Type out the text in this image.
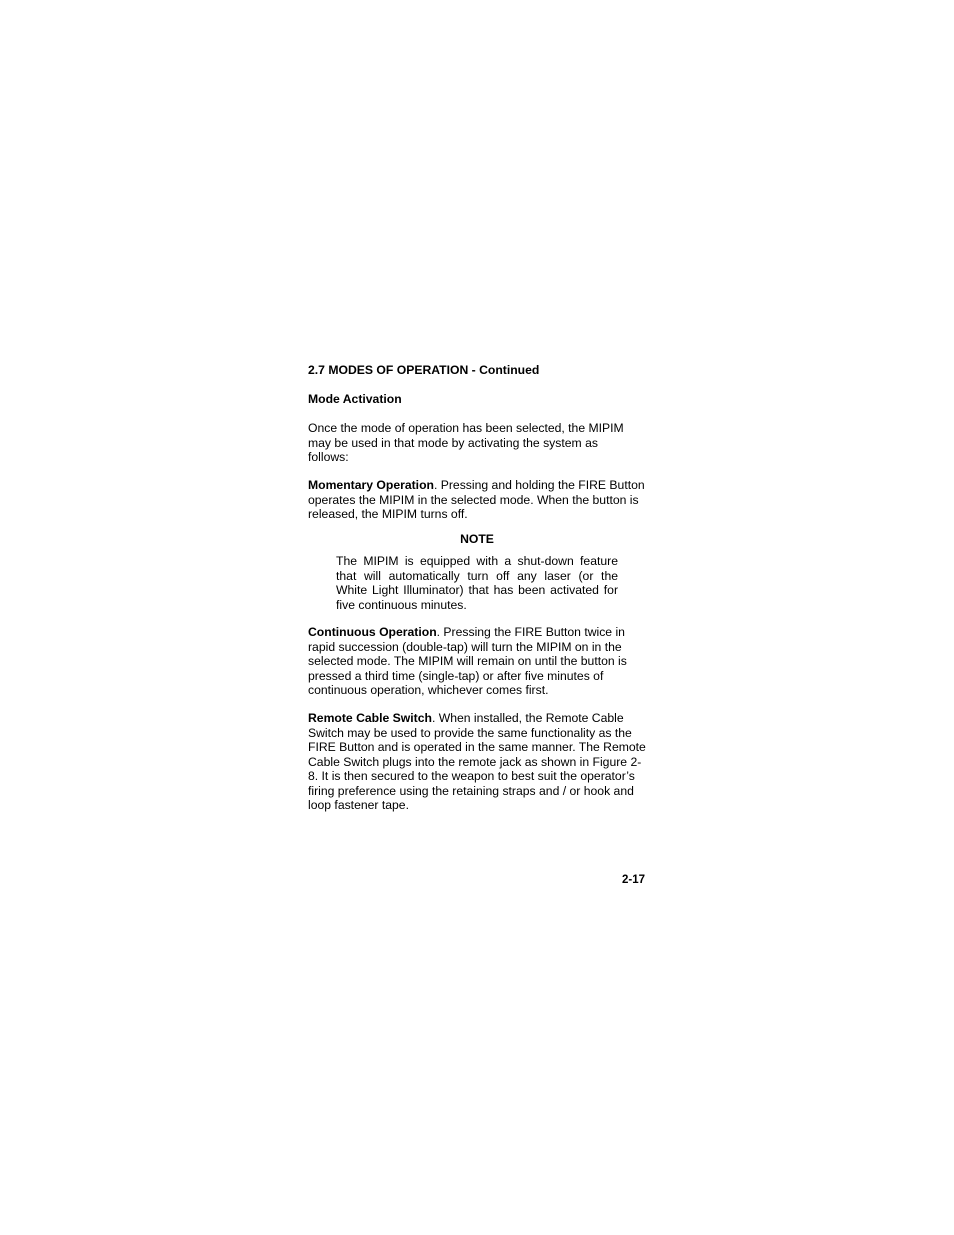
2.7 MODES OF OPERATION - Continued
Mode Activation

Once the mode of operation has been selected, the MIPIM may be used in that mode by activating the system as follows:

Momentary Operation. Pressing and holding the FIRE Button operates the MIPIM in the selected mode. When the button is released, the MIPIM turns off.

NOTE

The MIPIM is equipped with a shut-down feature that will automatically turn off any laser (or the White Light Illuminator) that has been activated for five continuous minutes.

Continuous Operation. Pressing the FIRE Button twice in rapid succession (double-tap) will turn the MIPIM on in the selected mode. The MIPIM will remain on until the button is pressed a third time (single-tap) or after five minutes of continuous operation, whichever comes first.

Remote Cable Switch. When installed, the Remote Cable Switch may be used to provide the same functionality as the FIRE Button and is operated in the same manner. The Remote Cable Switch plugs into the remote jack as shown in Figure 2-8. It is then secured to the weapon to best suit the operator’s firing preference using the retaining straps and / or hook and loop fastener tape.

2-17
